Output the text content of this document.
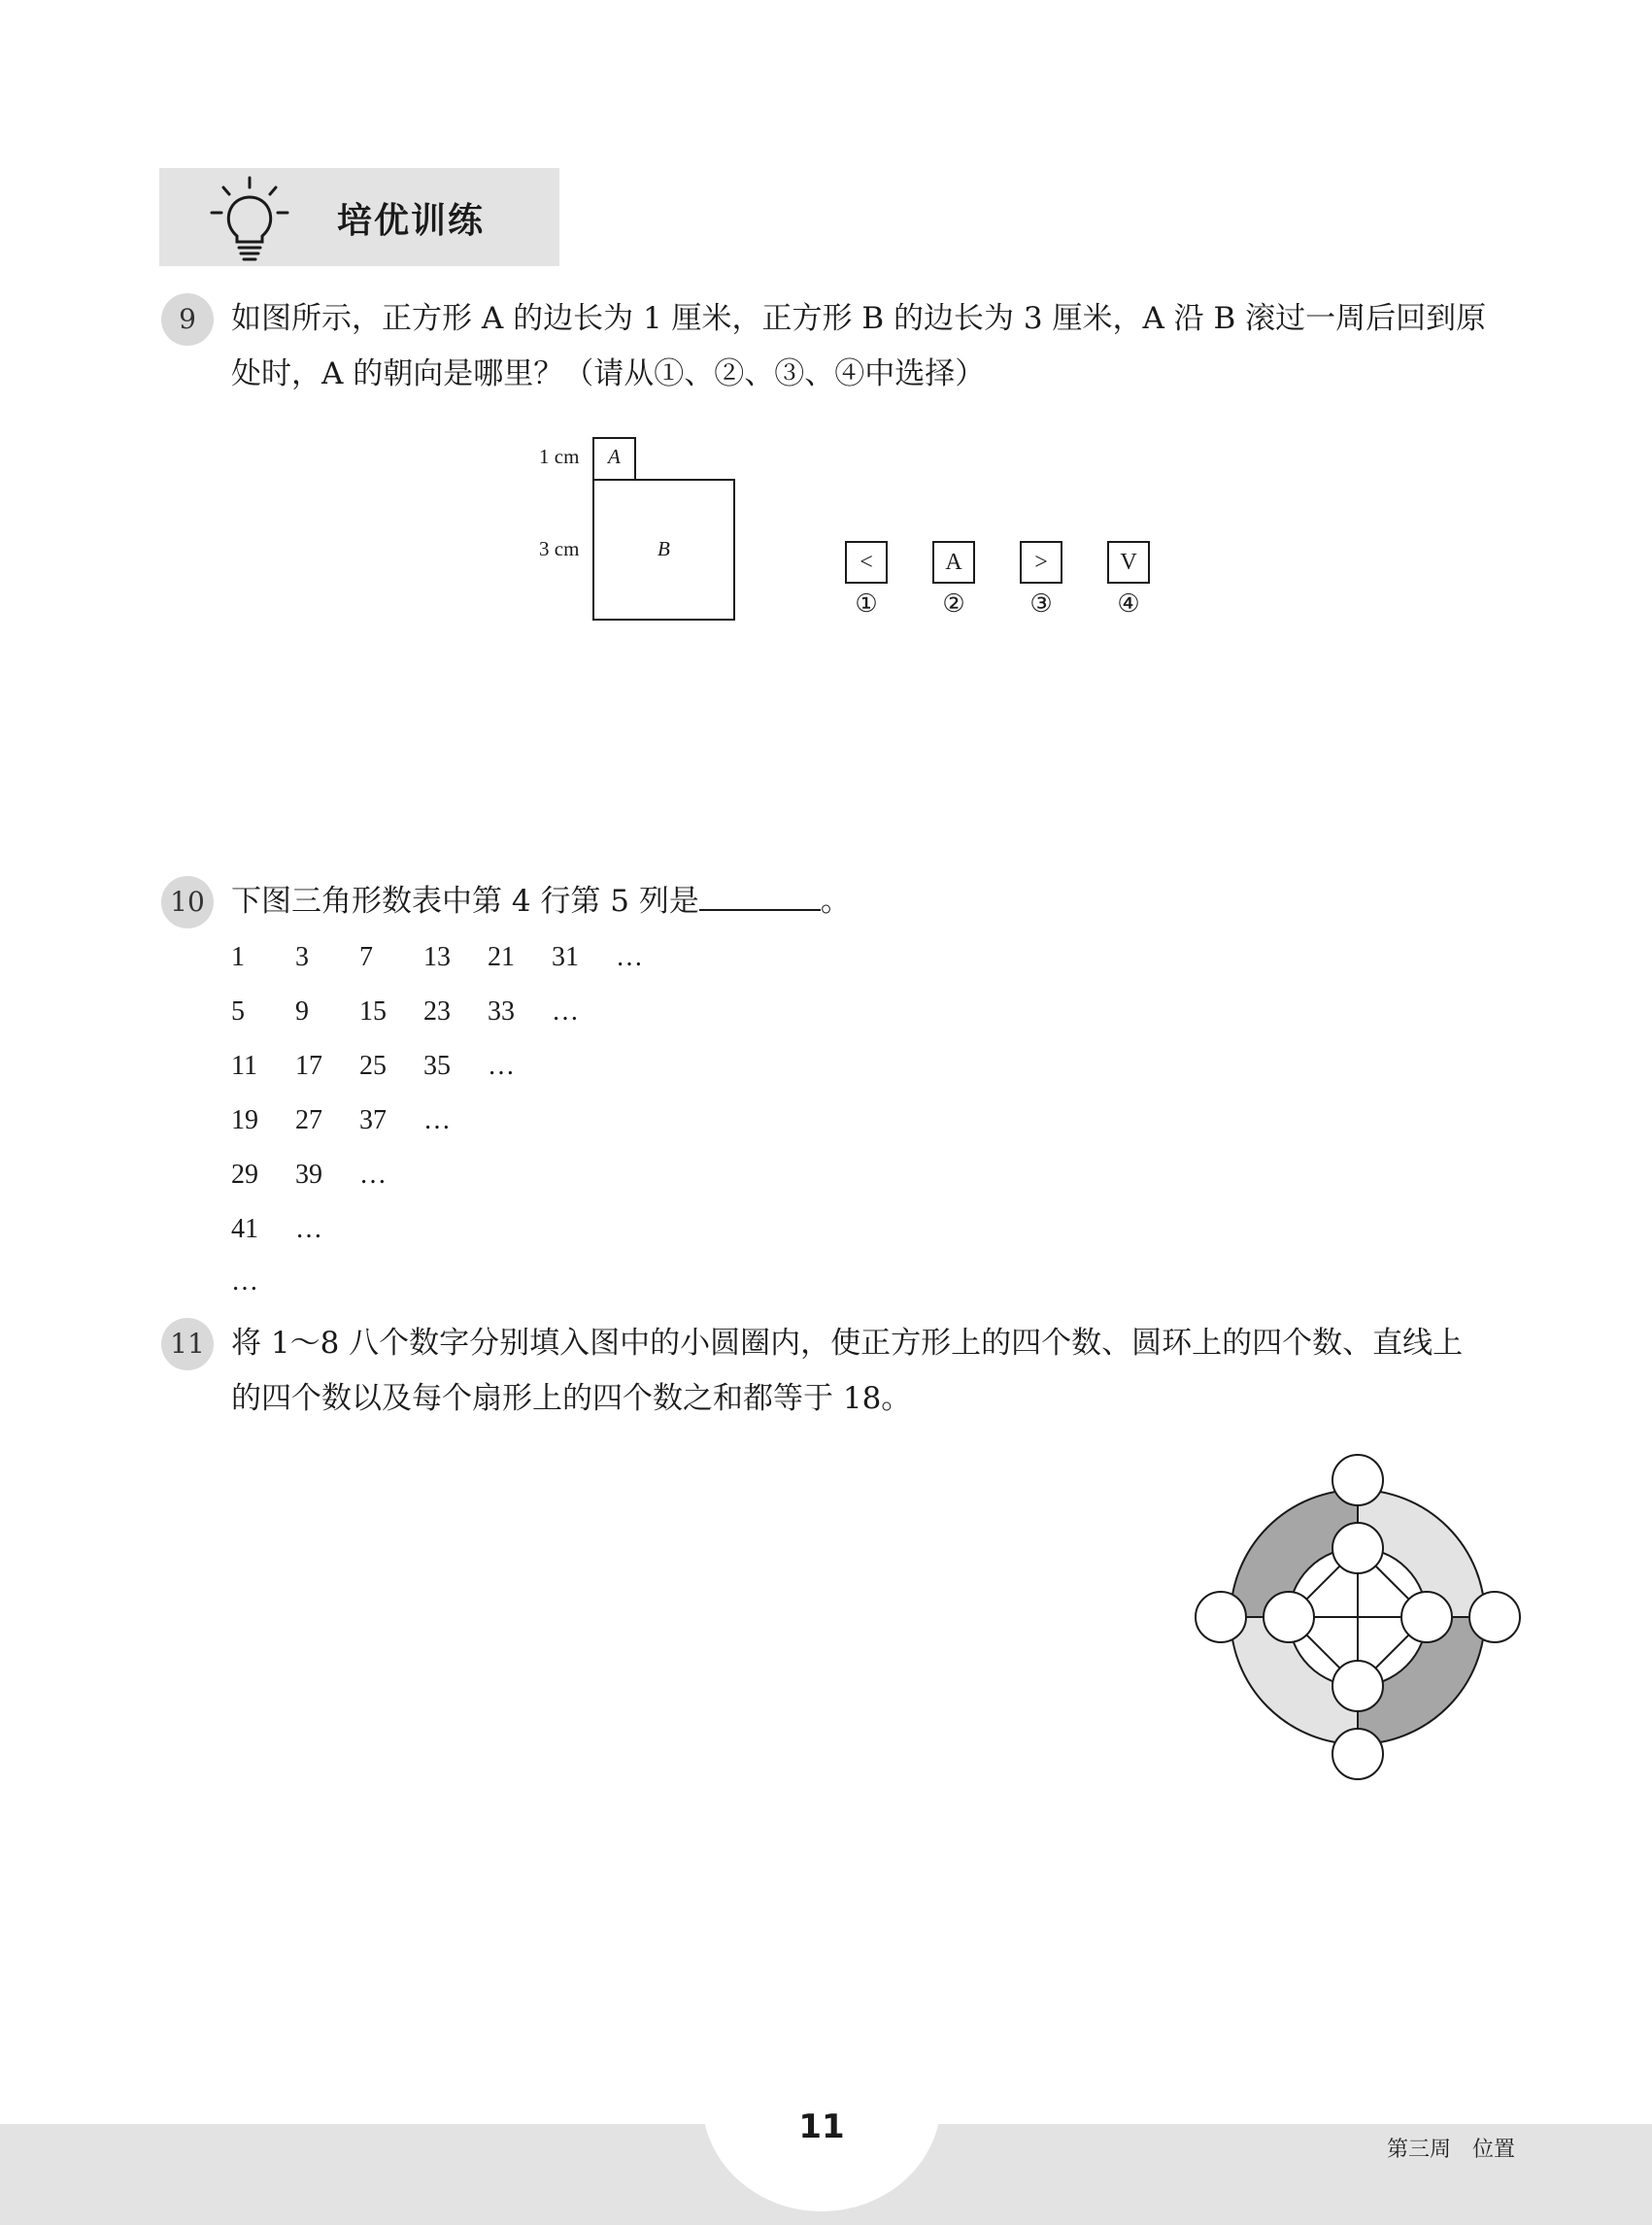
培优训练
9	如图所示，正方形 A 的边长为 1 厘米，正方形 B 的边长为 3 厘米，A 沿 B 滚过一周后回到原
处时，A 的朝向是哪里？（请从①、②、③、④中选择）
1 cm
3 cm
A
B
<
①
A
②
>
③
V
④
10 下图三角形数表中第 4 行第 5 列是	。
1 3 7 13 21 31 …
5 9 15 23 33 …
11 17 25 35 …
19 27 37 …
29 39 …
41 …
…
11 将 1～8 八个数字分别填入图中的小圆圈内，使正方形上的四个数、圆环上的四个数、直线上
的四个数以及每个扇形上的四个数之和都等于 18。
11
第三周　位置
